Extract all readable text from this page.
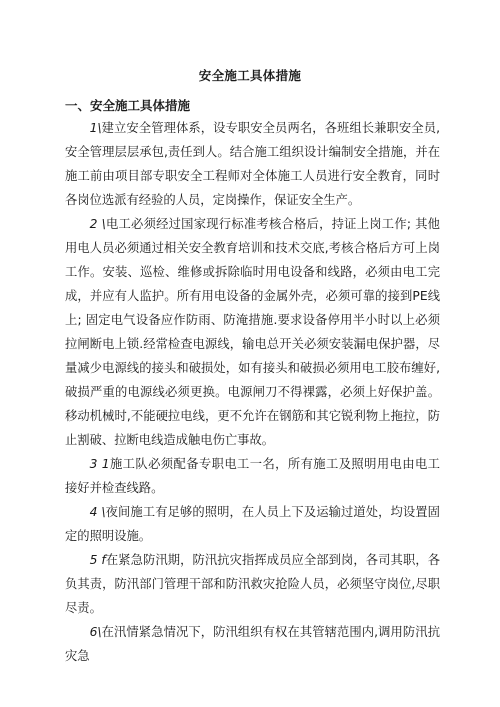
安全施工具体措施
一、安全施工具体措施

1\建立安全管理体系，设专职安全员两名，各班组长兼职安全员,安全管理层层承包,责任到人。结合施工组织设计编制安全措施，并在施工前由项目部专职安全工程师对全体施工人员进行安全教育，同时各岗位选派有经验的人员，定岗操作，保证安全生产。

2 \电工必须经过国家现行标准考核合格后，持证上岗工作; 其他用电人员必须通过相关安全教育培训和技术交底,考核合格后方可上岗工作。安装、巡检、维修或拆除临时用电设备和线路，必须由电工完成，并应有人监护。所有用电设备的金属外壳，必须可靠的接到PE线上; 固定电气设备应作防雨、防淹措施.要求设备停用半小时以上必须拉闸断电上锁.经常检查电源线，输电总开关必须安装漏电保护器，尽量减少电源线的接头和破损处，如有接头和破损必须用电工胶布缠好,破损严重的电源线必须更换。电源闸刀不得裸露，必须上好保护盖。移动机械时,不能硬拉电线，更不允许在钢筋和其它锐利物上拖拉，防止割破、拉断电线造成触电伤亡事故。

3 1施工队必须配备专职电工一名，所有施工及照明用电由电工接好并检查线路。

4 \夜间施工有足够的照明，在人员上下及运输过道处，均设置固定的照明设施。

5 f在紧急防汛期，防汛抗灾指挥成员应全部到岗，各司其职，各负其责，防汛部门管理干部和防汛救灾抢险人员，必须坚守岗位,尽职尽责。

6\在汛情紧急情况下，防汛组织有权在其管辖范围内,调用防汛抗灾急
